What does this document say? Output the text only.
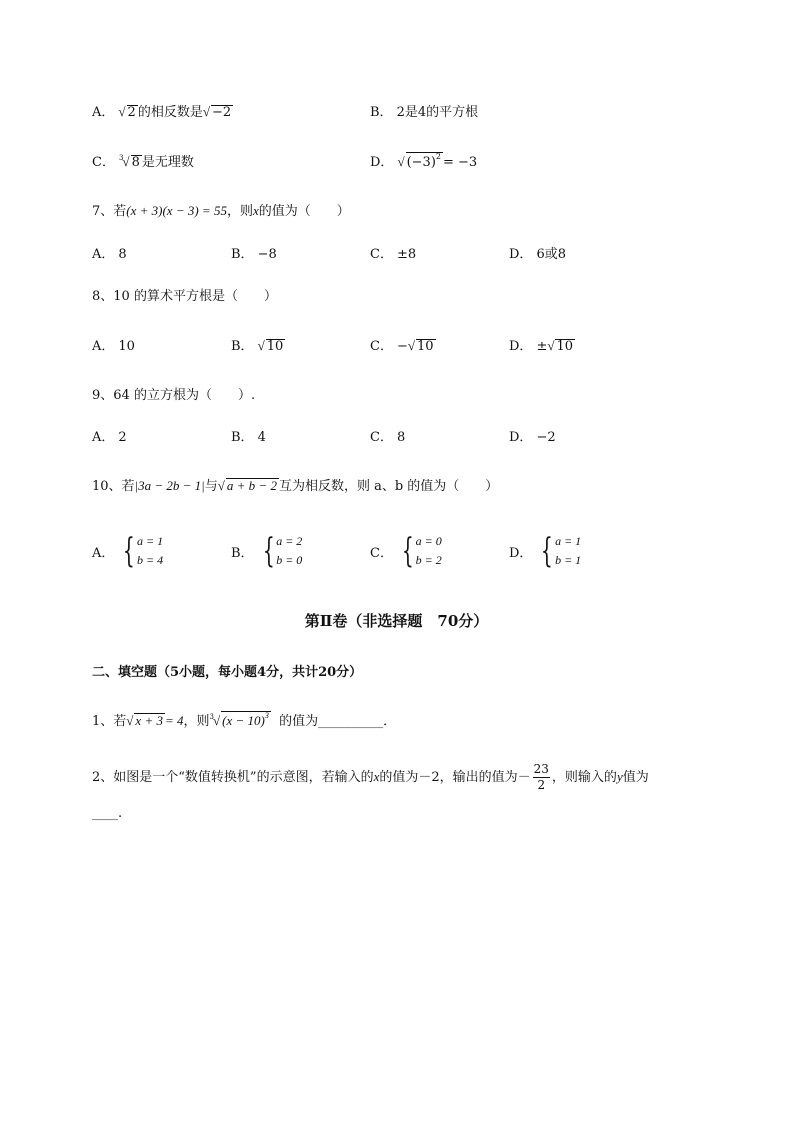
A． √ 2 的相反数是√ −2	B． 2是4的平方根
C． $^3$√ 8 是无理数	D． √ $(-3)^2 = -3$
7、若(x + 3)(x − 3) = 55，则x的值为（　　）
A． 8	B． −8	C． ±8	D． 6或8
8、10 的算术平方根是（　　）
A． 10	B． √ 10	C． −√ 10	D． ±√ 10
9、64 的立方根为（　　）.
A． 2	B． 4	C． 8	D． −2
10、若|3a − 2b − 1|与√ a + b − 2 互为相反数，则 a、b 的值为（　　）
A． { a = 1
b = 4	B． { a = 2
b = 0	C． { a = 0
b = 2	D． { a = 1
b = 1
第Ⅱ卷（非选择题　70分）
二、填空题（5小题，每小题4分，共计20分）
1、若√ x + 3 = 4，则$^3$√ $(x - 10)^3$ 的值为__________．
2、如图是一个“数值转换机”的示意图，若输入的x的值为－2，输出的值为－ $\frac{23}{2}$ ，则输入的y值为
____.
